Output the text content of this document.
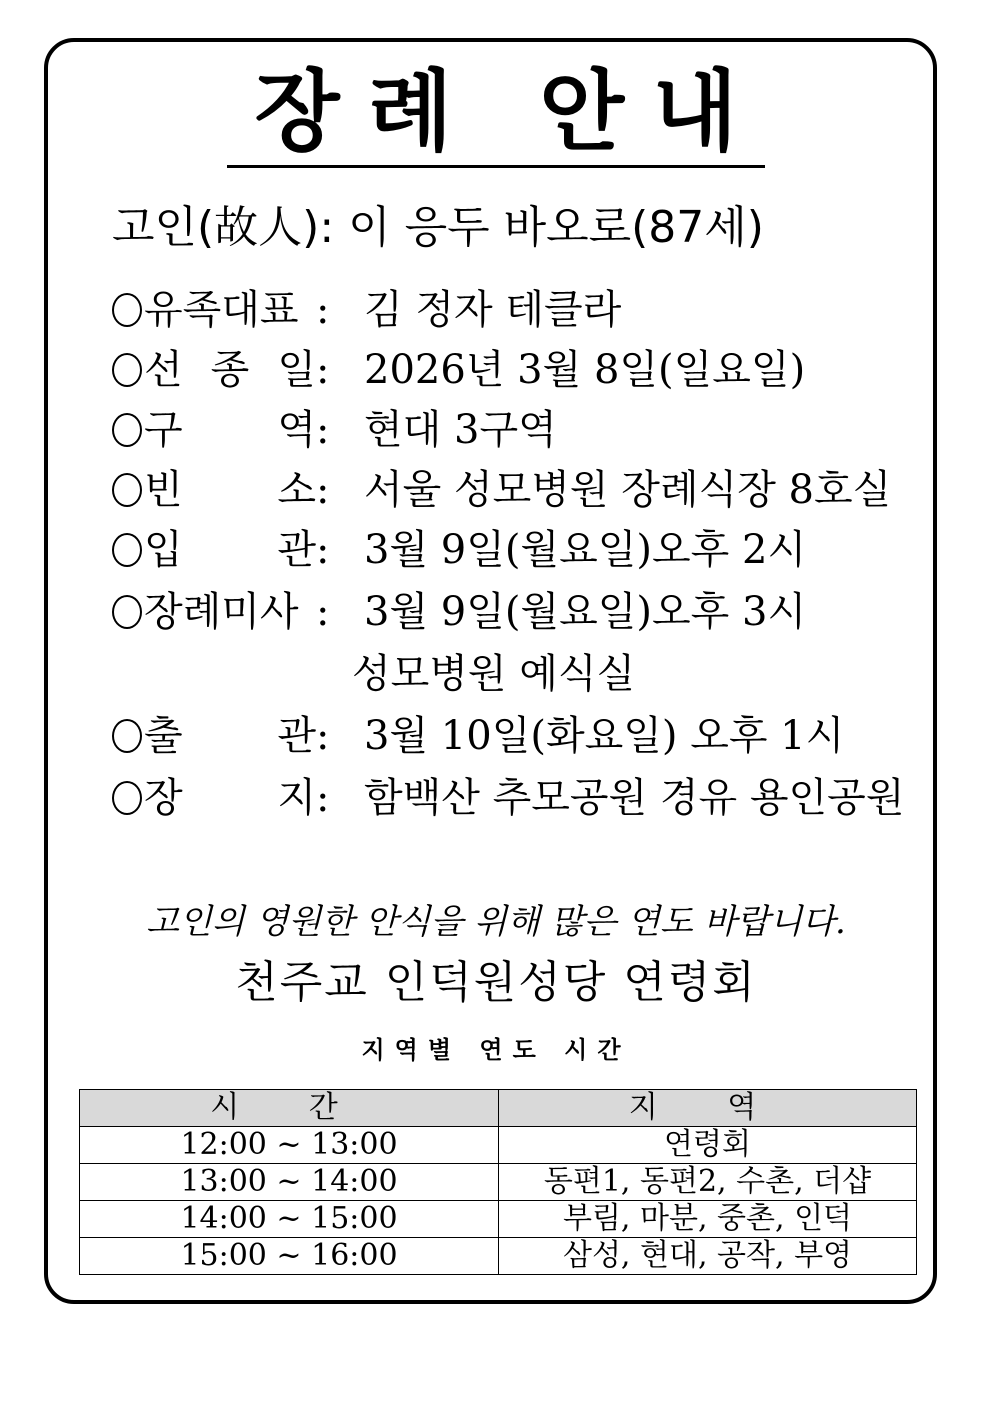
장례 안내
고인(故人): 이 응두 바오로(87세)
유족대표 : 김 정자 테클라
선 종 일: 2026년 3월 8일(일요일)
구 역: 현대 3구역
빈 소: 서울 성모병원 장례식장 8호실
입 관: 3월 9일(월요일)오후 2시
장례미사 : 3월 9일(월요일)오후 3시
성모병원 예식실
출 관: 3월 10일(화요일) 오후 1시
장 지: 함백산 추모공원 경유 용인공원
고인의 영원한 안식을 위해 많은 연도 바랍니다.
천주교 인덕원성당 연령회
지역별 연도 시간
시 간	지 역
12:00 ~ 13:00	연령회
13:00 ~ 14:00	동편1, 동편2, 수촌, 더샵
14:00 ~ 15:00	부림, 마분, 중촌, 인덕
15:00 ~ 16:00	삼성, 현대, 공작, 부영
